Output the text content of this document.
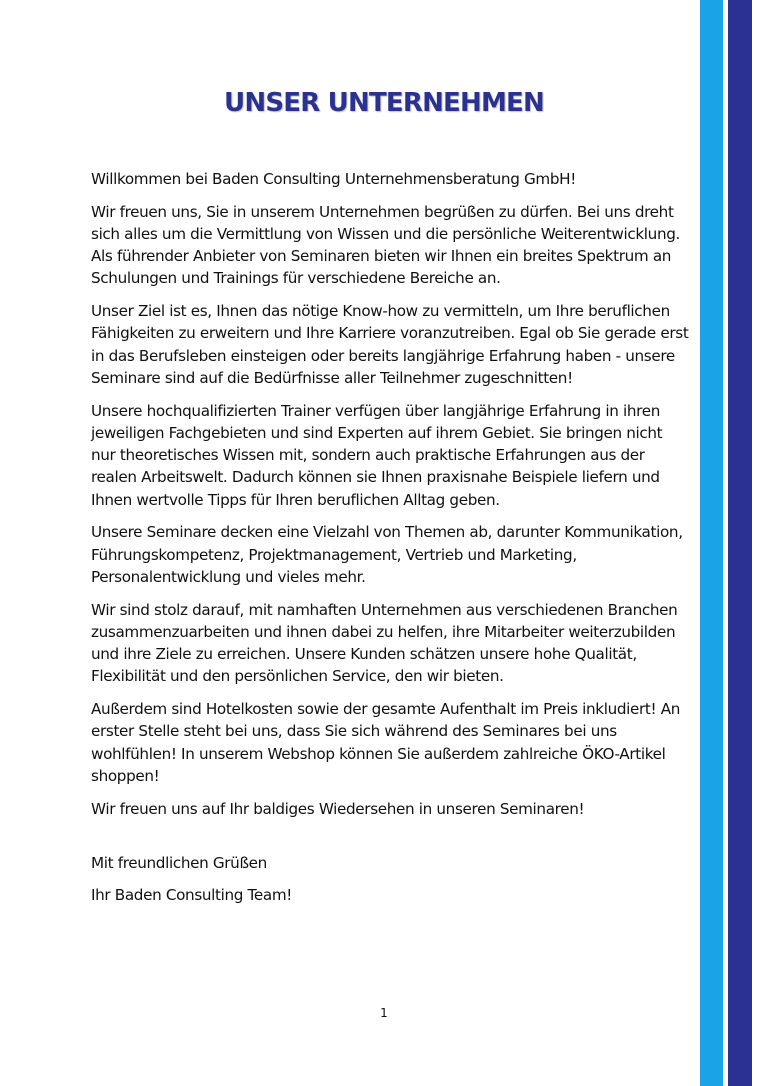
UNSER UNTERNEHMEN

Willkommen bei Baden Consulting Unternehmensberatung GmbH!

Wir freuen uns, Sie in unserem Unternehmen begrüßen zu dürfen. Bei uns dreht sich alles um die Vermittlung von Wissen und die persönliche Weiterentwicklung. Als führender Anbieter von Seminaren bieten wir Ihnen ein breites Spektrum an Schulungen und Trainings für verschiedene Bereiche an.

Unser Ziel ist es, Ihnen das nötige Know-how zu vermitteln, um Ihre beruflichen Fähigkeiten zu erweitern und Ihre Karriere voranzutreiben. Egal ob Sie gerade erst in das Berufsleben einsteigen oder bereits langjährige Erfahrung haben - unsere Seminare sind auf die Bedürfnisse aller Teilnehmer zugeschnitten!

Unsere hochqualifizierten Trainer verfügen über langjährige Erfahrung in ihren jeweiligen Fachgebieten und sind Experten auf ihrem Gebiet. Sie bringen nicht nur theoretisches Wissen mit, sondern auch praktische Erfahrungen aus der realen Arbeitswelt. Dadurch können sie Ihnen praxisnahe Beispiele liefern und Ihnen wertvolle Tipps für Ihren beruflichen Alltag geben.

Unsere Seminare decken eine Vielzahl von Themen ab, darunter Kommunikation, Führungskompetenz, Projektmanagement, Vertrieb und Marketing, Personalentwicklung und vieles mehr.

Wir sind stolz darauf, mit namhaften Unternehmen aus verschiedenen Branchen zusammenzuarbeiten und ihnen dabei zu helfen, ihre Mitarbeiter weiterzubilden und ihre Ziele zu erreichen. Unsere Kunden schätzen unsere hohe Qualität, Flexibilität und den persönlichen Service, den wir bieten.

Außerdem sind Hotelkosten sowie der gesamte Aufenthalt im Preis inkludiert! An erster Stelle steht bei uns, dass Sie sich während des Seminares bei uns wohlfühlen! In unserem Webshop können Sie außerdem zahlreiche ÖKO-Artikel shoppen!

Wir freuen uns auf Ihr baldiges Wiedersehen in unseren Seminaren!

Mit freundlichen Grüßen

Ihr Baden Consulting Team!

1
